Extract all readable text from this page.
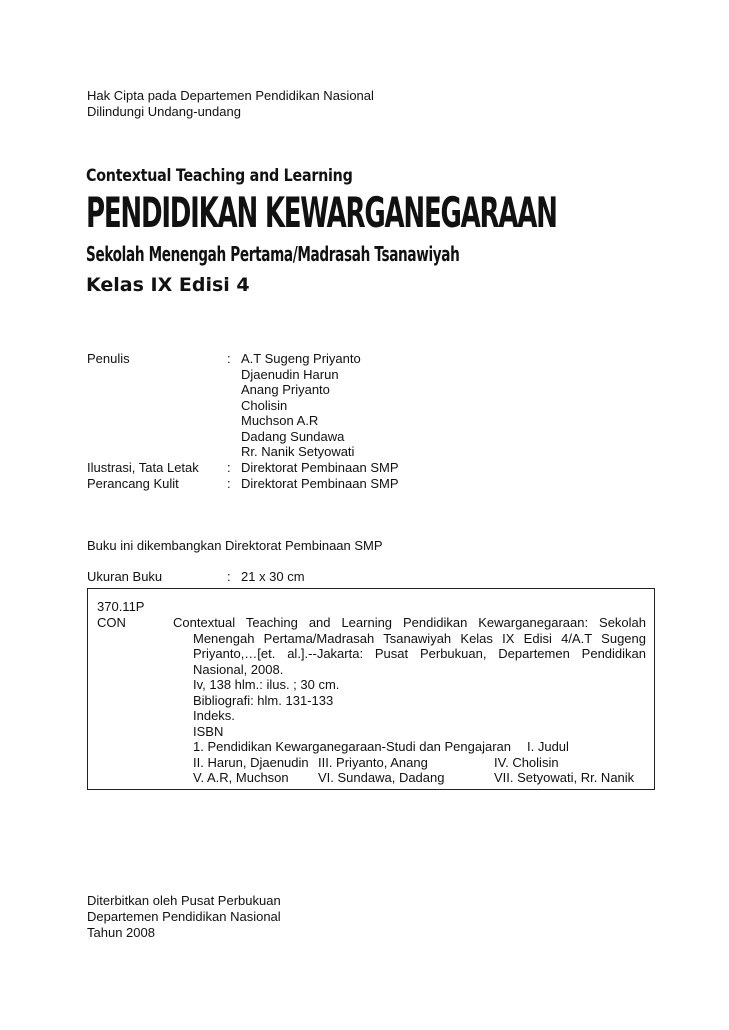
Hak Cipta pada Departemen Pendidikan Nasional
Dilindungi Undang-undang
Contextual Teaching and Learning
PENDIDIKAN KEWARGANEGARAAN
Sekolah Menengah Pertama/Madrasah Tsanawiyah
Kelas IX Edisi 4
Penulis	: A.T Sugeng Priyanto
Djaenudin Harun
Anang Priyanto
Cholisin
Muchson A.R
Dadang Sundawa
Rr. Nanik Setyowati
Ilustrasi, Tata Letak	: Direktorat Pembinaan SMP
Perancang Kulit	: Direktorat Pembinaan SMP
Buku ini dikembangkan Direktorat Pembinaan SMP
Ukuran Buku	: 21 x 30 cm
370.11P
CON	Contextual Teaching and Learning Pendidikan Kewarganegaraan: Sekolah Menengah Pertama/Madrasah Tsanawiyah Kelas IX Edisi 4/A.T Sugeng Priyanto,…[et. al.].--Jakarta: Pusat Perbukuan, Departemen Pendidikan Nasional, 2008.
Iv, 138 hlm.: ilus. ; 30 cm.
Bibliografi: hlm. 131-133
Indeks.
ISBN
1. Pendidikan Kewarganegaraan-Studi dan Pengajaran I. Judul
II. Harun, Djaenudin III. Priyanto, Anang	IV. Cholisin
V. A.R, Muchson	VI. Sundawa, Dadang	VII. Setyowati, Rr. Nanik
Diterbitkan oleh Pusat Perbukuan
Departemen Pendidikan Nasional
Tahun 2008
